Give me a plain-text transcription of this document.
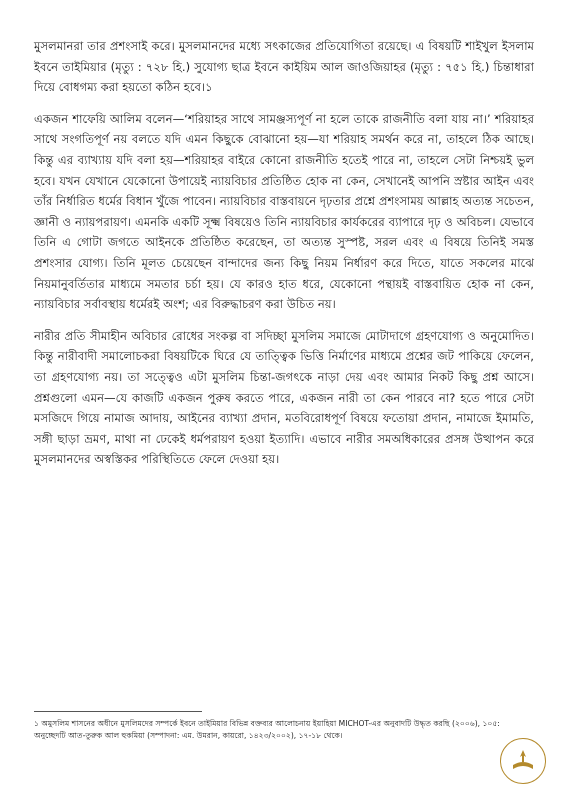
মুসলমানরা তার প্রশংসাই করে। মুসলমানদের মধ্যে সৎকাজের প্রতিযোগিতা রয়েছে। এ বিষয়টি শাইখুল ইসলাম ইবনে তাইমিয়ার (মৃত্যু : ৭২৮ হি.) সুযোগ্য ছাত্র ইবনে কাইয়িম আল জাওজিয়াহর (মৃত্যু : ৭৫১ হি.) চিন্তাধারা দিয়ে বোধগম্য করা হয়তো কঠিন হবে।১

একজন শাফেয়ি আলিম বলেন—‘শরিয়াহর সাথে সামঞ্জস্যপূর্ণ না হলে তাকে রাজনীতি বলা যায় না।’ শরিয়াহর সাথে সংগতিপূর্ণ নয় বলতে যদি এমন কিছুকে বোঝানো হয়—যা শরিয়াহ সমর্থন করে না, তাহলে ঠিক আছে। কিন্তু এর ব্যাখ্যায় যদি বলা হয়—শরিয়াহর বাইরে কোনো রাজনীতি হতেই পারে না, তাহলে সেটা নিশ্চয়ই ভুল হবে। যখন যেখানে যেকোনো উপায়েই ন্যায়বিচার প্রতিষ্ঠিত হোক না কেন, সেখানেই আপনি স্রষ্টার আইন এবং তাঁর নির্ধারিত ধর্মের বিধান খুঁজে পাবেন। ন্যায়বিচার বাস্তবায়নে দৃঢ়তার প্রশ্নে প্রশংসাময় আল্লাহ অত্যন্ত সচেতন, জ্ঞানী ও ন্যায়পরায়ণ। এমনকি একটি সূক্ষ্ম বিষয়েও তিনি ন্যায়বিচার কার্যকরের ব্যাপারে দৃঢ় ও অবিচল। যেভাবে তিনি এ গোটা জগতে আইনকে প্রতিষ্ঠিত করেছেন, তা অত্যন্ত সুস্পষ্ট, সরল এবং এ বিষয়ে তিনিই সমস্ত প্রশংসার যোগ্য। তিনি মূলত চেয়েছেন বান্দাদের জন্য কিছু নিয়ম নির্ধারণ করে দিতে, যাতে সকলের মাঝে নিয়মানুবর্তিতার মাধ্যমে সমতার চর্চা হয়। যে কারও হাত ধরে, যেকোনো পন্থায়ই বাস্তবায়িত হোক না কেন, ন্যায়বিচার সর্বাবস্থায় ধর্মেরই অংশ; এর বিরুদ্ধাচরণ করা উচিত নয়।

নারীর প্রতি সীমাহীন অবিচার রোধের সংকল্প বা সদিচ্ছা মুসলিম সমাজে মোটাদাগে গ্রহণযোগ্য ও অনুমোদিত। কিন্তু নারীবাদী সমালোচকরা বিষয়টিকে ঘিরে যে তাত্ত্বিক ভিত্তি নির্মাণের মাধ্যমে প্রশ্নের জট পাকিয়ে ফেলেন, তা গ্রহণযোগ্য নয়। তা সত্ত্বেও এটা মুসলিম চিন্তা-জগৎকে নাড়া দেয় এবং আমার নিকট কিছু প্রশ্ন আসে। প্রশ্নগুলো এমন—যে কাজটি একজন পুরুষ করতে পারে, একজন নারী তা কেন পারবে না? হতে পারে সেটা মসজিদে গিয়ে নামাজ আদায়, আইনের ব্যাখ্যা প্রদান, মতবিরোধপূর্ণ বিষয়ে ফতোয়া প্রদান, নামাজে ইমামতি, সঙ্গী ছাড়া ভ্রমণ, মাথা না ঢেকেই ধর্মপরায়ণ হওয়া ইত্যাদি। এভাবে নারীর সমঅধিকারের প্রসঙ্গ উত্থাপন করে মুসলমানদের অস্বস্তিকর পরিস্থিতিতে ফেলে দেওয়া হয়।

১ অমুসলিম শাসনের অধীনে মুসলিমদের সম্পর্কে ইবনে তাইমিয়ার বিভিন্ন বক্তব্যর আলোচনায় ইয়াহিয়া MICHOT-এর অনুবাদটি উদ্ধৃত করছি (২০০৬), ১০৫: অনুচ্ছেদটি আত-তুরুক আল হুকমিয়া (সম্পাদনা: এম. উমরান, কায়রো, ১৪২৩/২০০২), ১৭-১৮ থেকে।
